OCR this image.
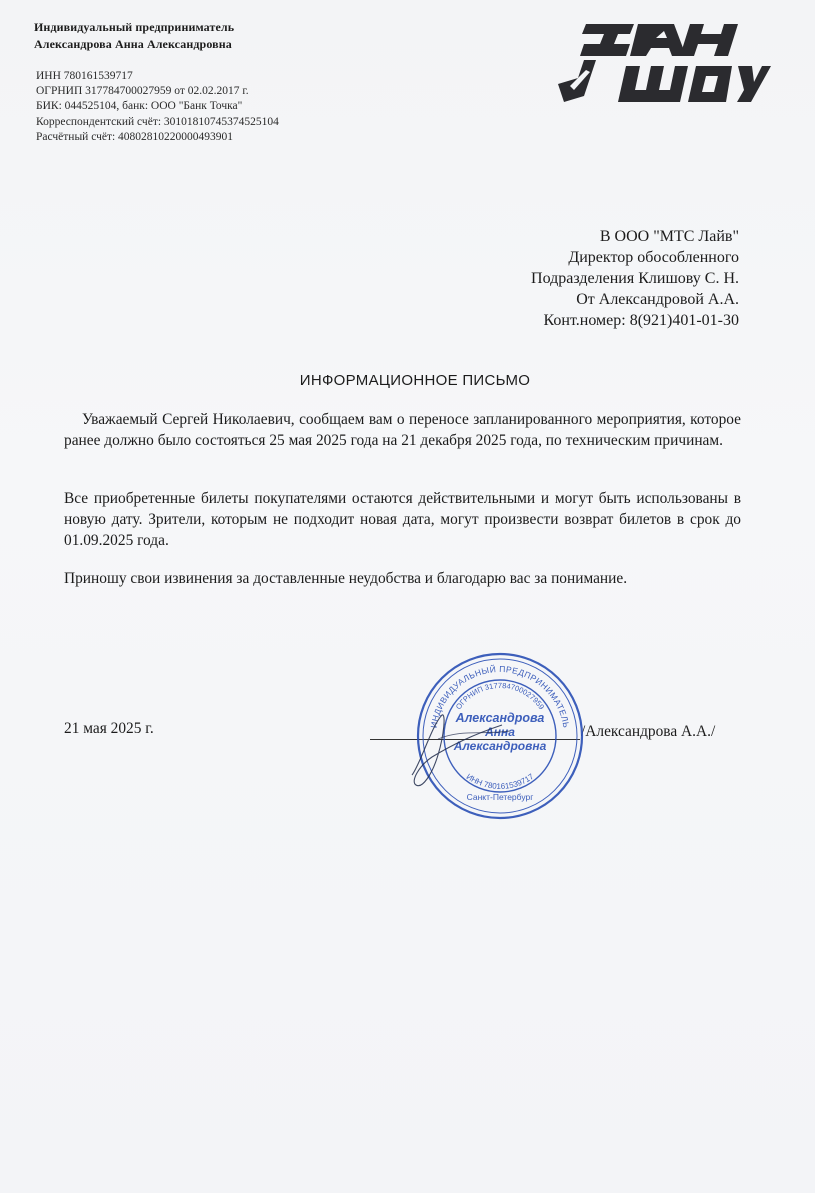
Индивидуальный предприниматель
Александрова Анна Александровна
ИНН 780161539717
ОГРНИП 317784700027959 от 02.02.2017 г.
БИК: 044525104, банк: ООО "Банк Точка"
Корреспондентский счёт: 30101810745374525104
Расчётный счёт: 40802810220000493901
В ООО "МТС Лайв"
Директор обособленного
Подразделения Клишову С. Н.
От Александровой А.А.
Конт.номер: 8(921)401-01-30
ИНФОРМАЦИОННОЕ ПИСЬМО
Уважаемый Сергей Николаевич, сообщаем вам о переносе запланированного мероприятия, которое ранее должно было состояться 25 мая 2025 года на 21 декабря 2025 года, по техническим причинам.
Все приобретенные билеты покупателями остаются действительными и могут быть использованы в новую дату. Зрители, которым не подходит новая дата, могут произвести возврат билетов в срок до 01.09.2025 года.
Приношу свои извинения за доставленные неудобства и благодарю вас за понимание.
21 мая 2025 г.	/Александрова А.А./
ИНДИВИДУАЛЬНЫЙ ПРЕДПРИНИМАТЕЛЬ
ОГРНИП 317784700027959
Александрова
Анна
Александровна
ИНН 780161539717
Санкт-Петербург
